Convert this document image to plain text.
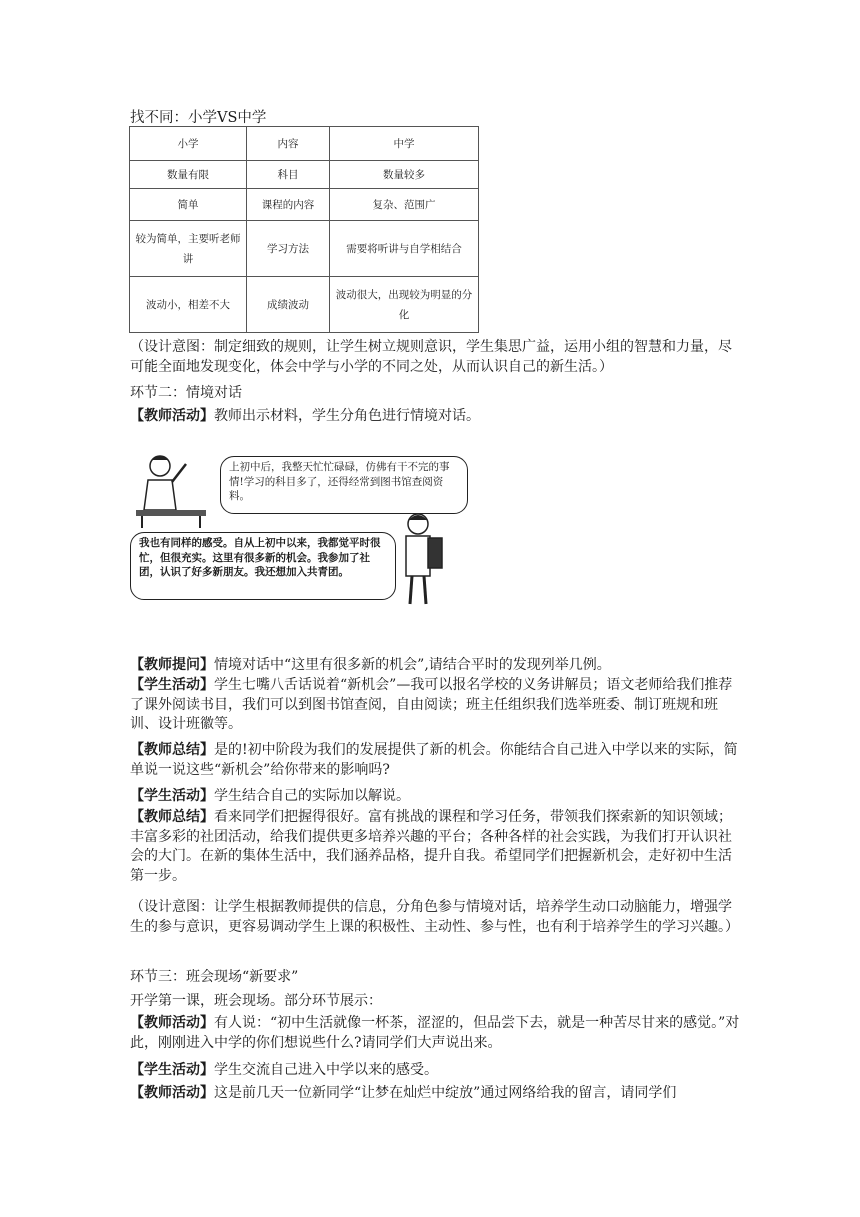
找不同：小学VS中学
小学	内容	中学
数量有限	科目	数量较多
简单	课程的内容	复杂、范围广
较为简单，主要听老师讲	学习方法	需要将听讲与自学相结合
波动小，相差不大	成绩波动	波动很大，出现较为明显的分化
（设计意图：制定细致的规则，让学生树立规则意识，学生集思广益，运用小组的智慧和力量，尽可能全面地发现变化，体会中学与小学的不同之处，从而认识自己的新生活。）
环节二：情境对话
【教师活动】教师出示材料，学生分角色进行情境对话。
上初中后，我整天忙忙碌碌，仿佛有干不完的事情!学习的科目多了，还得经常到图书馆查阅资料。
我也有同样的感受。自从上初中以来，我都觉平时很忙，但很充实。这里有很多新的机会。我参加了社团，认识了好多新朋友。我还想加入共青团。
【教师提问】情境对话中“这里有很多新的机会”,请结合平时的发现列举几例。
【学生活动】学生七嘴八舌话说着“新机会”—我可以报名学校的义务讲解员；语文老师给我们推荐了课外阅读书目，我们可以到图书馆查阅，自由阅读；班主任组织我们选举班委、制订班规和班训、设计班徽等。
【教师总结】是的!初中阶段为我们的发展提供了新的机会。你能结合自己进入中学以来的实际，简单说一说这些“新机会”给你带来的影响吗?
【学生活动】学生结合自己的实际加以解说。
【教师总结】看来同学们把握得很好。富有挑战的课程和学习任务，带领我们探索新的知识领域；丰富多彩的社团活动，给我们提供更多培养兴趣的平台；各种各样的社会实践，为我们打开认识社会的大门。在新的集体生活中，我们涵养品格，提升自我。希望同学们把握新机会，走好初中生活第一步。
（设计意图：让学生根据教师提供的信息，分角色参与情境对话，培养学生动口动脑能力，增强学生的参与意识，更容易调动学生上课的积极性、主动性、参与性，也有利于培养学生的学习兴趣。）
环节三：班会现场“新要求”
开学第一课，班会现场。部分环节展示：
【教师活动】有人说：“初中生活就像一杯茶，涩涩的，但品尝下去，就是一种苦尽甘来的感觉。”对此，刚刚进入中学的你们想说些什么?请同学们大声说出来。
【学生活动】学生交流自己进入中学以来的感受。
【教师活动】这是前几天一位新同学“让梦在灿烂中绽放”通过网络给我的留言，请同学们
